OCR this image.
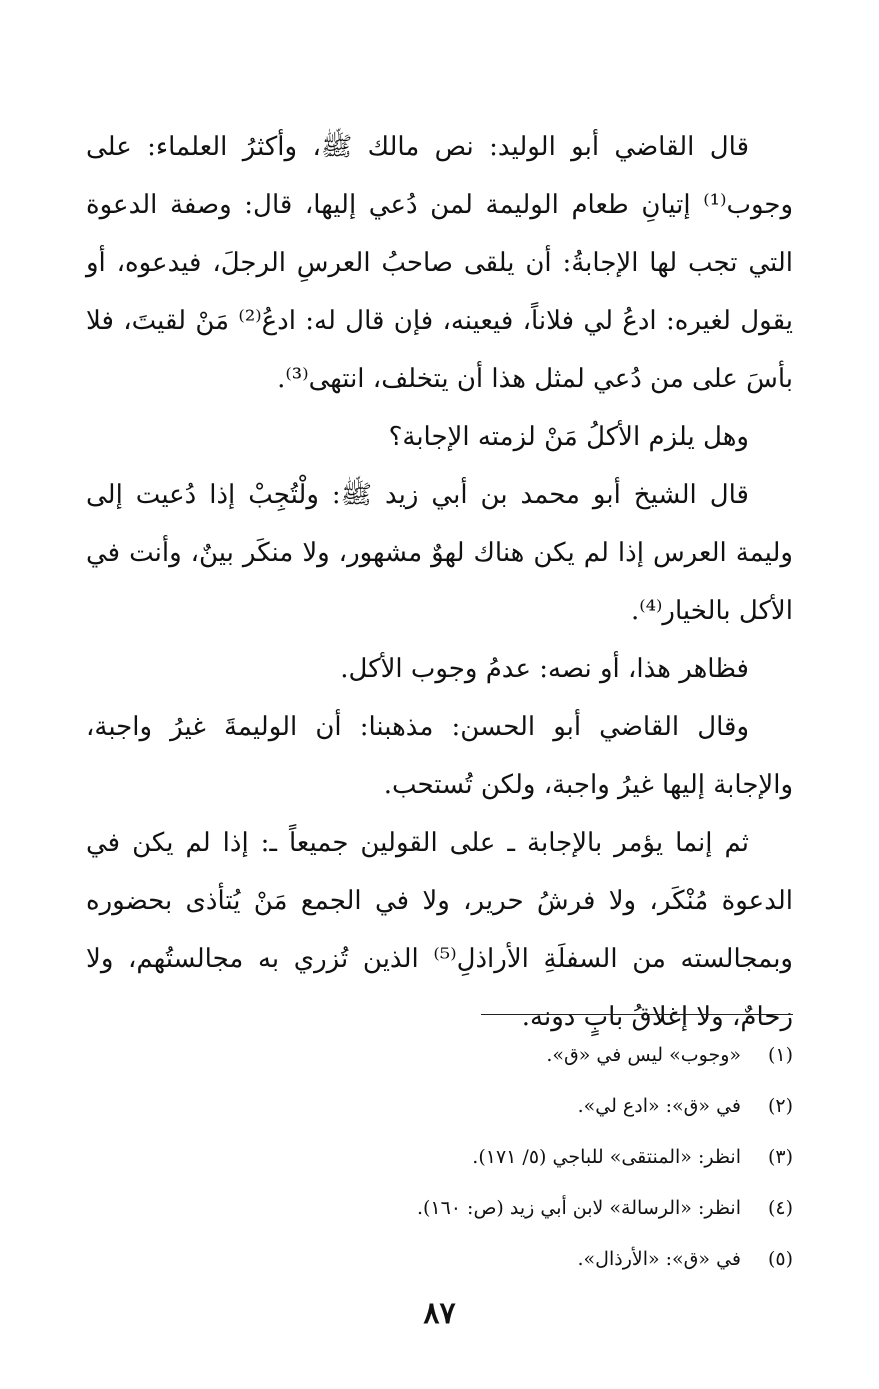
قال القاضي أبو الوليد: نص مالك ﷺ، وأكثرُ العلماء: على وجوب⁽¹⁾ إتيانِ طعام الوليمة لمن دُعي إليها، قال: وصفة الدعوة التي تجب لها الإجابةُ: أن يلقى صاحبُ العرسِ الرجلَ، فيدعوه، أو يقول لغيره: ادعُ لي فلاناً، فيعينه، فإن قال له: ادعُ⁽²⁾ مَنْ لقيتَ، فلا بأسَ على من دُعي لمثل هذا أن يتخلف، انتهى⁽³⁾.

وهل يلزم الأكلُ مَنْ لزمته الإجابة؟

قال الشيخ أبو محمد بن أبي زيد ﷺ: ولْتُجِبْ إذا دُعيت إلى وليمة العرس إذا لم يكن هناك لهوٌ مشهور، ولا منكَر بينٌ، وأنت في الأكل بالخيار⁽⁴⁾.

فظاهر هذا، أو نصه: عدمُ وجوب الأكل.

وقال القاضي أبو الحسن: مذهبنا: أن الوليمةَ غيرُ واجبة، والإجابة إليها غيرُ واجبة، ولكن تُستحب.

ثم إنما يؤمر بالإجابة ـ على القولين جميعاً ـ: إذا لم يكن في الدعوة مُنْكَر، ولا فرشُ حرير، ولا في الجمع مَنْ يُتأذى بحضوره وبمجالسته من السفلَةِ الأراذلِ⁽⁵⁾ الذين تُزري به مجالستُهم، ولا زحامٌ، ولا إغلاقُ بابٍ دونه.

(١)
«وجوب» ليس في «ق».
(٢)
في «ق»: «ادع لي».
(٣)
انظر: «المنتقى» للباجي (٥/ ١٧١).
(٤)
انظر: «الرسالة» لابن أبي زيد (ص: ١٦٠).
(٥)
في «ق»: «الأرذال».
٨٧
